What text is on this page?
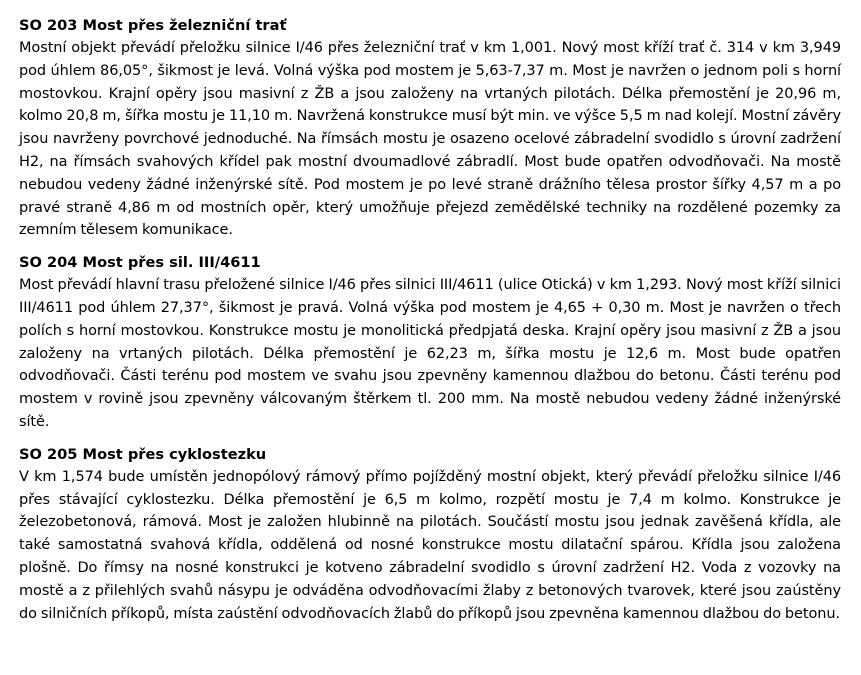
SO 203 Most přes železniční trať

Mostní objekt převádí přeložku silnice I/46 přes železniční trať v km 1,001. Nový most kříží trať č. 314 v km 3,949 pod úhlem 86,05°, šikmost je levá. Volná výška pod mostem je 5,63-7,37 m. Most je navržen o jednom poli s horní mostovkou. Krajní opěry jsou masivní z ŽB a jsou založeny na vrtaných pilotách. Délka přemostění je 20,96 m, kolmo 20,8 m, šířka mostu je 11,10 m. Navržená konstrukce musí být min. ve výšce 5,5 m nad kolejí. Mostní závěry jsou navrženy povrchové jednoduché. Na římsách mostu je osazeno ocelové zábradelní svodidlo s úrovní zadržení H2, na římsách svahových křídel pak mostní dvoumadlové zábradlí. Most bude opatřen odvodňovači. Na mostě nebudou vedeny žádné inženýrské sítě. Pod mostem je po levé straně drážního tělesa prostor šířky 4,57 m a po pravé straně 4,86 m od mostních opěr, který umožňuje přejezd zemědělské techniky na rozdělené pozemky za zemním tělesem komunikace.

SO 204 Most přes sil. III/4611

Most převádí hlavní trasu přeložené silnice I/46 přes silnici III/4611 (ulice Otická) v km 1,293. Nový most kříží silnici III/4611 pod úhlem 27,37°, šikmost je pravá. Volná výška pod mostem je 4,65 + 0,30 m. Most je navržen o třech polích s horní mostovkou. Konstrukce mostu je monolitická předpjatá deska. Krajní opěry jsou masivní z ŽB a jsou založeny na vrtaných pilotách. Délka přemostění je 62,23 m, šířka mostu je 12,6 m. Most bude opatřen odvodňovači. Části terénu pod mostem ve svahu jsou zpevněny kamennou dlažbou do betonu. Části terénu pod mostem v rovině jsou zpevněny válcovaným štěrkem tl. 200 mm. Na mostě nebudou vedeny žádné inženýrské sítě.

SO 205 Most přes cyklostezku

V km 1,574 bude umístěn jednopólový rámový přímo pojížděný mostní objekt, který převádí přeložku silnice I/46 přes stávající cyklostezku. Délka přemostění je 6,5 m kolmo, rozpětí mostu je 7,4 m kolmo. Konstrukce je železobetonová, rámová. Most je založen hlubinně na pilotách. Součástí mostu jsou jednak zavěšená křídla, ale také samostatná svahová křídla, oddělená od nosné konstrukce mostu dilatační spárou. Křídla jsou založena plošně. Do římsy na nosné konstrukci je kotveno zábradelní svodidlo s úrovní zadržení H2. Voda z vozovky na mostě a z přilehlých svahů násypu je odváděna odvodňovacími žlaby z betonových tvarovek, které jsou zaústěny do silničních příkopů, místa zaústění odvodňovacích žlabů do příkopů jsou zpevněna kamennou dlažbou do betonu.
